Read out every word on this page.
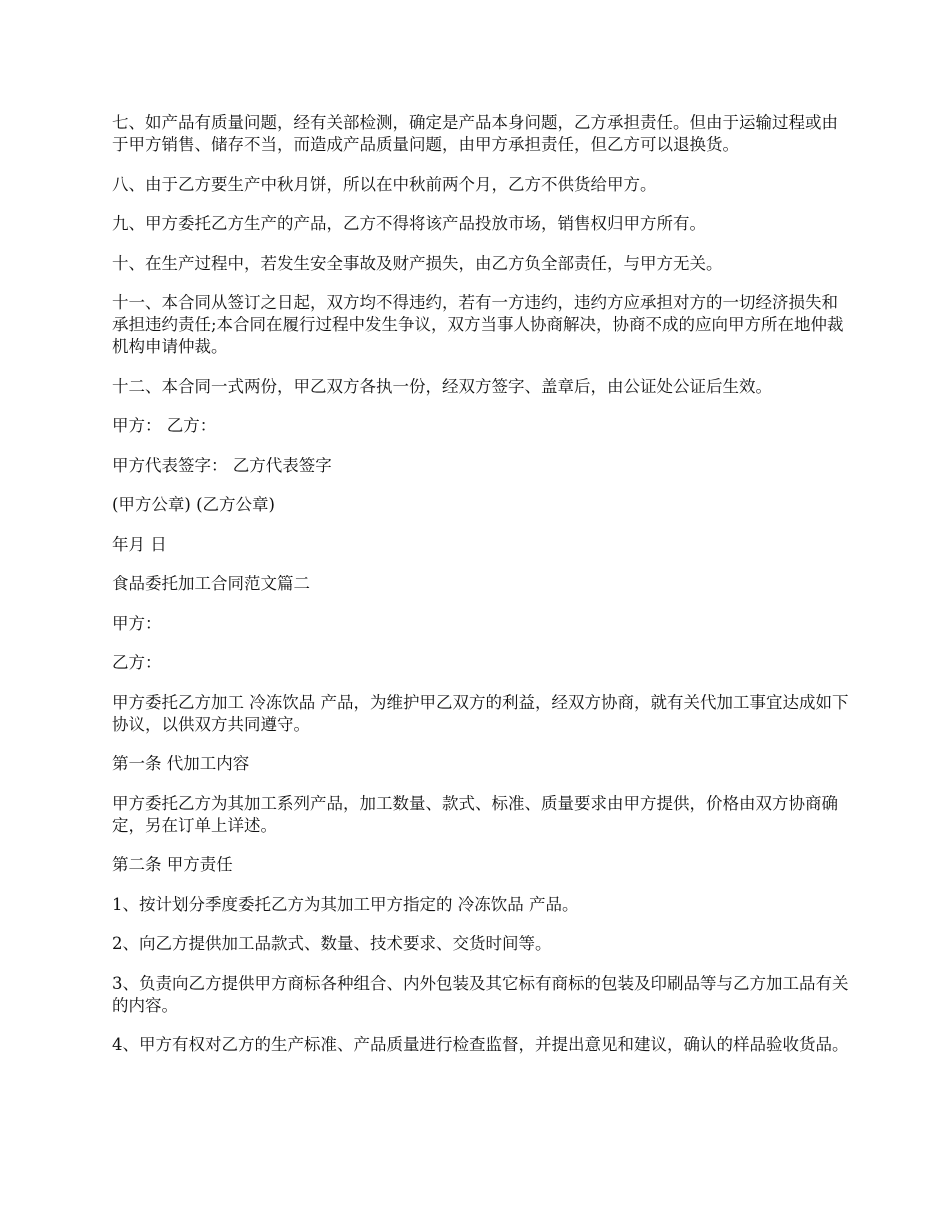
七、如产品有质量问题，经有关部检测，确定是产品本身问题，乙方承担责任。但由于运输过程或由于甲方销售、储存不当，而造成产品质量问题，由甲方承担责任，但乙方可以退换货。

八、由于乙方要生产中秋月饼，所以在中秋前两个月，乙方不供货给甲方。

九、甲方委托乙方生产的产品，乙方不得将该产品投放市场，销售权归甲方所有。

十、在生产过程中，若发生安全事故及财产损失，由乙方负全部责任，与甲方无关。

十一、本合同从签订之日起，双方均不得违约，若有一方违约，违约方应承担对方的一切经济损失和承担违约责任;本合同在履行过程中发生争议，双方当事人协商解决，协商不成的应向甲方所在地仲裁机构申请仲裁。

十二、本合同一式两份，甲乙双方各执一份，经双方签字、盖章后，由公证处公证后生效。

甲方： 乙方：

甲方代表签字： 乙方代表签字

(甲方公章) (乙方公章)

年月 日

食品委托加工合同范文篇二

甲方：

乙方：

甲方委托乙方加工 冷冻饮品 产品，为维护甲乙双方的利益，经双方协商，就有关代加工事宜达成如下协议，以供双方共同遵守。

第一条 代加工内容

甲方委托乙方为其加工系列产品，加工数量、款式、标准、质量要求由甲方提供，价格由双方协商确定，另在订单上详述。

第二条 甲方责任

1、按计划分季度委托乙方为其加工甲方指定的 冷冻饮品 产品。

2、向乙方提供加工品款式、数量、技术要求、交货时间等。

3、负责向乙方提供甲方商标各种组合、内外包装及其它标有商标的包装及印刷品等与乙方加工品有关的内容。

4、甲方有权对乙方的生产标准、产品质量进行检查监督，并提出意见和建议，确认的样品验收货品。
